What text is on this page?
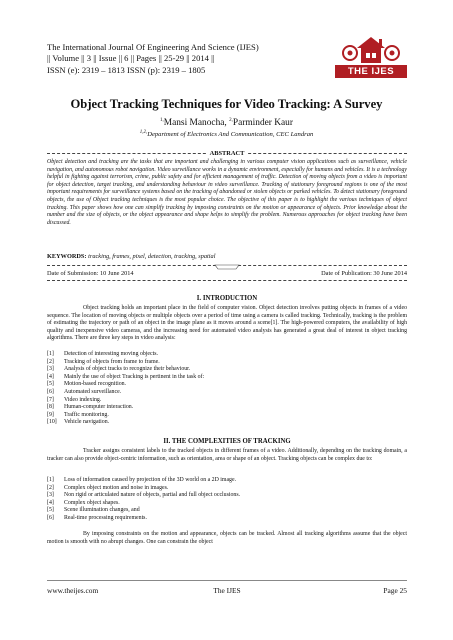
The International Journal Of Engineering And Science (IJES)
|| Volume || 3 || Issue || 6 || Pages || 25-29 || 2014 ||
ISSN (e): 2319 – 1813 ISSN (p): 2319 – 1805	THE IJES
Object Tracking Techniques for Video Tracking: A Survey
$^{1,}$Mansi Manocha, $^{2,}$Parminder Kaur
$^{1,2,}$Department of Electronics And Communication, CEC Landran
ABSTRACT
Object detection and tracking are the tasks that are important and challenging in various computer vision applications such as surveillance, vehicle navigation, and autonomous robot navigation. Video surveillance works in a dynamic environment, especially for humans and vehicles. It is a technology helpful in fighting against terrorism, crime, public safety and for efficient management of traffic. Detection of moving objects from a video is important for object detection, target tracking, and understanding behaviour in video surveillance. Tracking of stationary foreground regions is one of the most important requirements for surveillance systems based on the tracking of abandoned or stolen objects or parked vehicles. To detect stationary foreground objects, the use of Object tracking techniques is the most popular choice. The objective of this paper is to highlight the various techniques of object tracking. This paper shows how one can simplify tracking by imposing constraints on the motion or appearance of objects. Prior knowledge about the number and the size of objects, or the object appearance and shape helps to simplify the problem. Numerous approaches for object tracking have been discussed.
KEYWORDS: tracking, frames, pixel, detection, tracking, spatial
Date of Submission: 10 June 2014	Date of Publication: 30 June 2014
I. INTRODUCTION
Object tracking holds an important place in the field of computer vision. Object detection involves putting objects in frames of a video sequence. The location of moving objects or multiple objects over a period of time using a camera is called tracking. Technically, tracking is the problem of estimating the trajectory or path of an object in the image plane as it moves around a scene[1]. The high-powered computers, the availability of high quality and inexpensive video cameras, and the increasing need for automated video analysis has generated a great deal of interest in object tracking algorithms. There are three key steps in video analysis:
[1] Detection of interesting moving objects.
[2] Tracking of objects from frame to frame.
[3] Analysis of object tracks to recognize their behaviour.
[4] Mainly the use of object Tracking is pertinent in the task of:
[5] Motion-based recognition.
[6] Automated surveillance.
[7] Video indexing.
[8] Human-computer interaction.
[9] Traffic monitoring.
[10] Vehicle navigation.
II. THE COMPLEXITIES OF TRACKING
Tracker assigns consistent labels to the tracked objects in different frames of a video. Additionally, depending on the tracking domain, a tracker can also provide object-centric information, such as orientation, area or shape of an object. Tracking objects can be complex due to:
[1] Loss of information caused by projection of the 3D world on a 2D image.
[2] Complex object motion and noise in images.
[3] Non rigid or articulated nature of objects, partial and full object occlusions.
[4] Complex object shapes.
[5] Scene illumination changes, and
[6] Real-time processing requirements.
By imposing constraints on the motion and appearance, objects can be tracked. Almost all tracking algorithms assume that the object motion is smooth with no abrupt changes. One can constrain the object
www.theijes.com	The IJES	Page 25
